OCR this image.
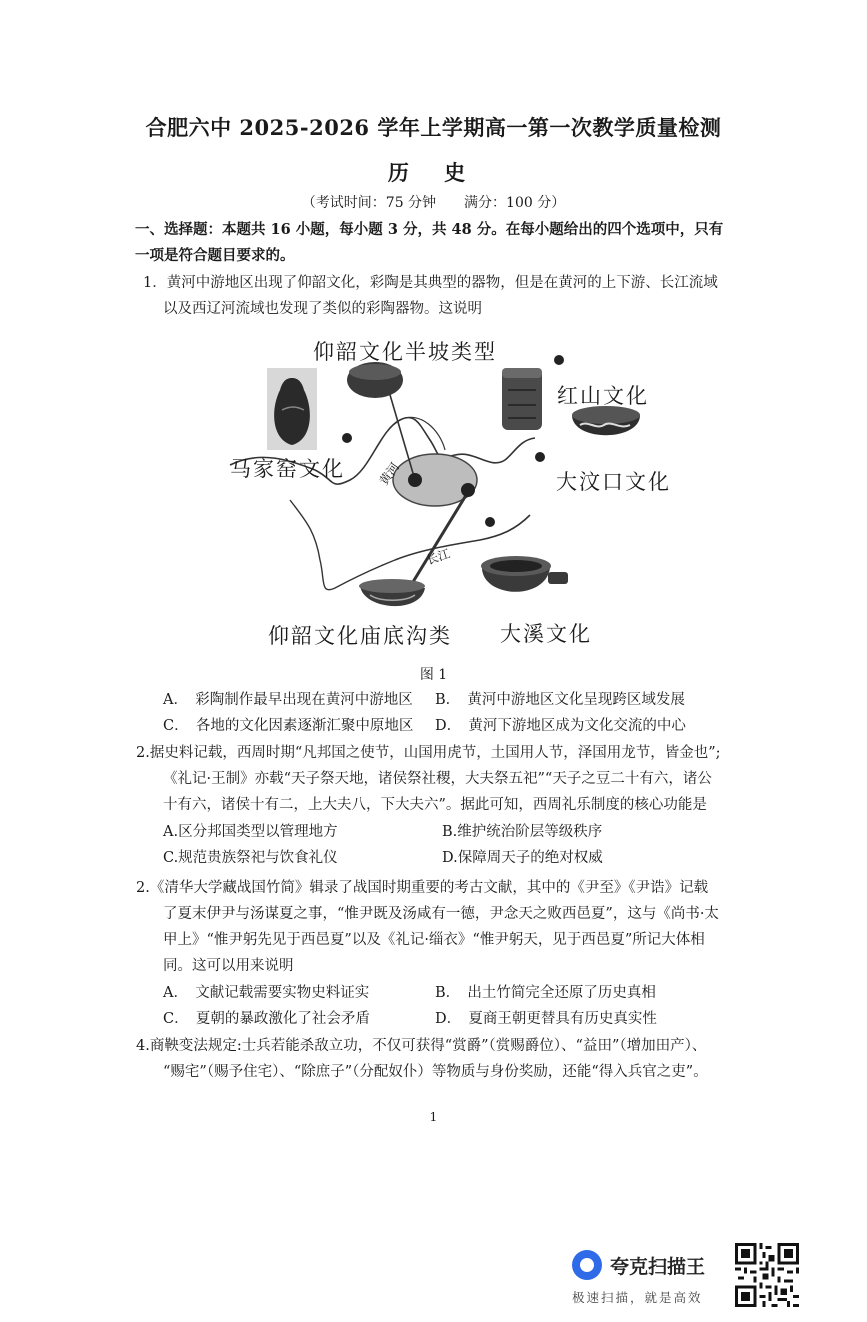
合肥六中 2025-2026 学年上学期高一第一次教学质量检测
历 史
（考试时间：75 分钟　　满分：100 分）
一、选择题：本题共 16 小题，每小题 3 分，共 48 分。在每小题给出的四个选项中，只有
一项是符合题目要求的。
1．黄河中游地区出现了仰韶文化，彩陶是其典型的器物，但是在黄河的上下游、长江流域
以及西辽河流域也发现了类似的彩陶器物。这说明
仰韶文化半坡类型
红山文化
马家窑文化
大汶口文化
仰韶文化庙底沟类 大溪文化
黄河
长江
图 1
A．　彩陶制作最早出现在黄河中游地区 B．　黄河中游地区文化呈现跨区域发展
C．　各地的文化因素逐渐汇聚中原地区 D．　黄河下游地区成为文化交流的中心
2.据史料记载，西周时期“凡邦国之使节，山国用虎节，土国用人节，泽国用龙节，皆金也”;
《礼记·王制》亦载“天子祭天地，诸侯祭社稷，大夫祭五祀”“天子之豆二十有六，诸公
十有六，诸侯十有二，上大夫八，下大夫六”。据此可知，西周礼乐制度的核心功能是
A.区分邦国类型以管理地方	B.维护统治阶层等级秩序
C.规范贵族祭祀与饮食礼仪	D.保障周天子的绝对权威
2.《清华大学藏战国竹简》辑录了战国时期重要的考古文献，其中的《尹至》《尹诰》记载
了夏末伊尹与汤谋夏之事，“惟尹既及汤咸有一德，尹念天之败西邑夏”，这与《尚书·太
甲上》“惟尹躬先见于西邑夏”以及《礼记·缁衣》“惟尹躬天，见于西邑夏”所记大体相
同。这可以用来说明
A．　文献记载需要实物史料证实	B．　出土竹简完全还原了历史真相
C．　夏朝的暴政激化了社会矛盾	D．　夏商王朝更替具有历史真实性
4.商鞅变法规定:士兵若能杀敌立功，不仅可获得“赏爵”（赏赐爵位）、“益田”（增加田产）、
“赐宅”（赐予住宅）、“除庶子”（分配奴仆）等物质与身份奖励，还能“得入兵官之吏”。
1
夸克扫描王
极速扫描，就是高效
